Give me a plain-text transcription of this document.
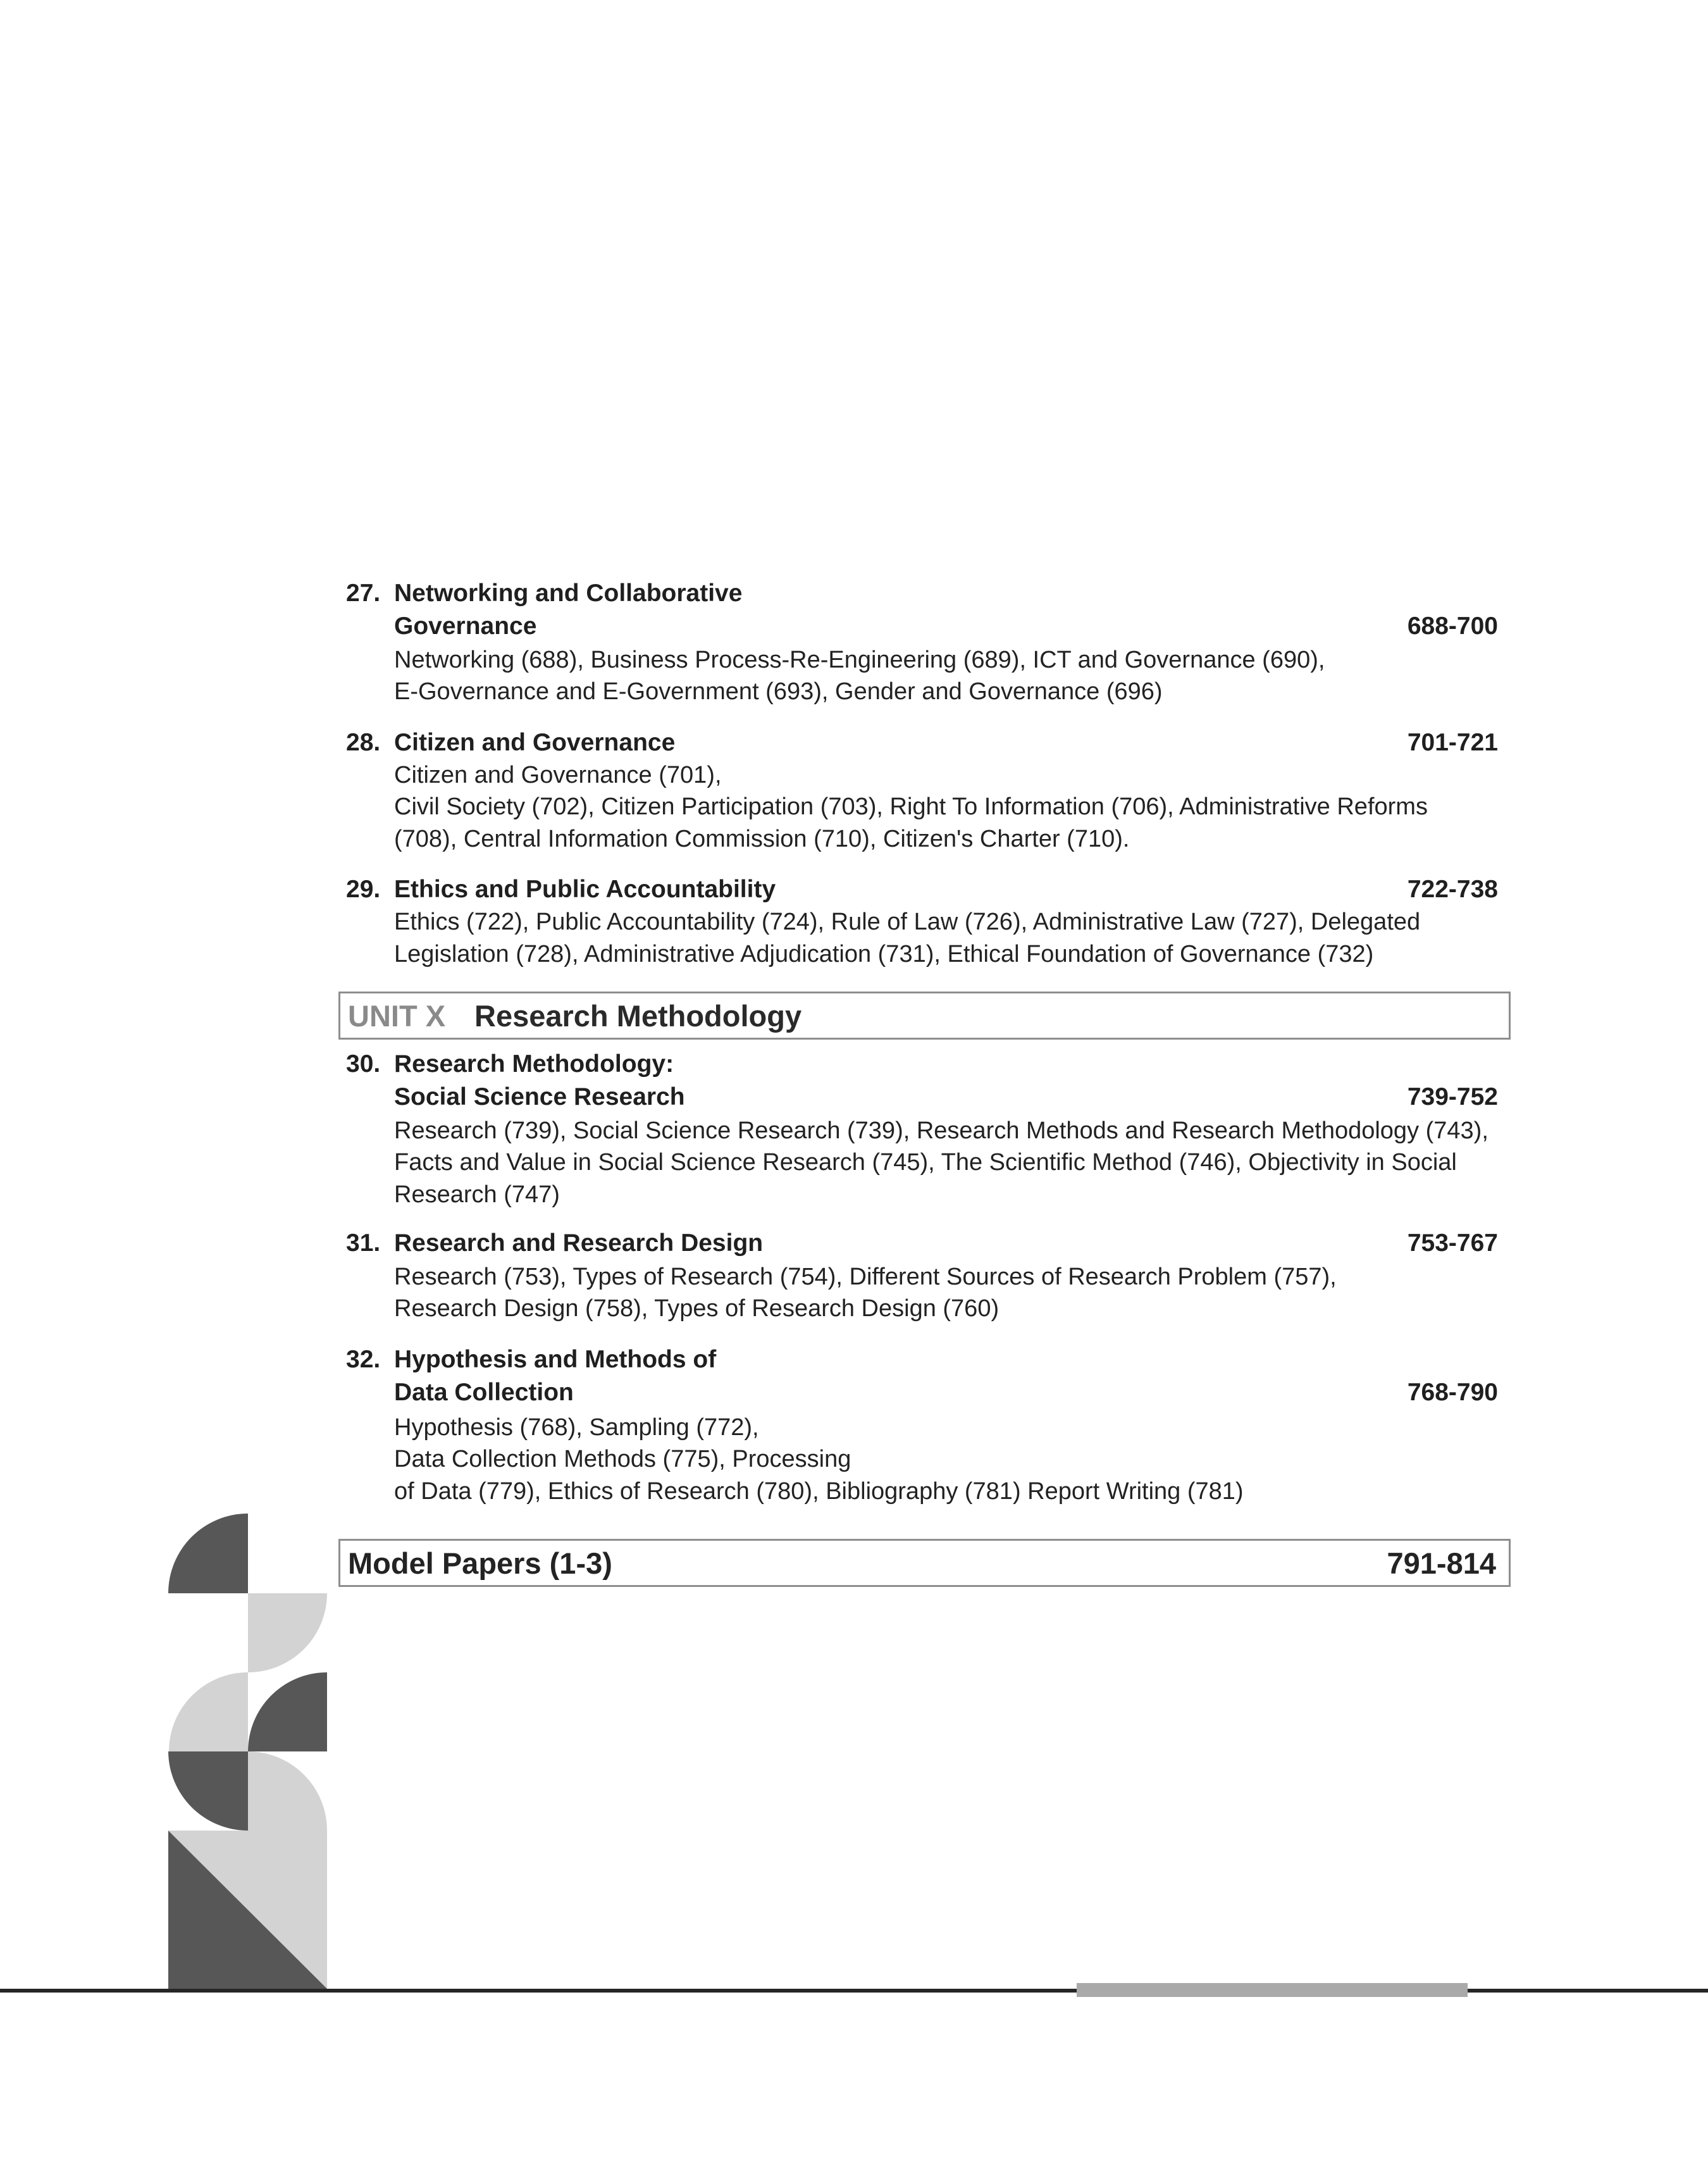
27. Networking and Collaborative
Governance	688-700
Networking (688), Business Process-Re-Engineering (689), ICT and Governance (690),
E-Governance and E-Government (693), Gender and Governance (696)
28. Citizen and Governance	701-721
Citizen and Governance (701),
Civil Society (702), Citizen Participation (703), Right To Information (706), Administrative Reforms
(708), Central Information Commission (710), Citizen's Charter (710).
29. Ethics and Public Accountability	722-738
Ethics (722), Public Accountability (724), Rule of Law (726), Administrative Law (727), Delegated
Legislation (728), Administrative Adjudication (731), Ethical Foundation of Governance (732)
UNIT X Research Methodology
30. Research Methodology:
Social Science Research	739-752
Research (739), Social Science Research (739), Research Methods and Research Methodology (743),
Facts and Value in Social Science Research (745), The Scientific Method (746), Objectivity in Social
Research (747)
31. Research and Research Design	753-767
Research (753), Types of Research (754), Different Sources of Research Problem (757),
Research Design (758), Types of Research Design (760)
32. Hypothesis and Methods of
Data Collection	768-790
Hypothesis (768), Sampling (772),
Data Collection Methods (775), Processing
of Data (779), Ethics of Research (780), Bibliography (781) Report Writing (781)
Model Papers (1-3)	791-814
